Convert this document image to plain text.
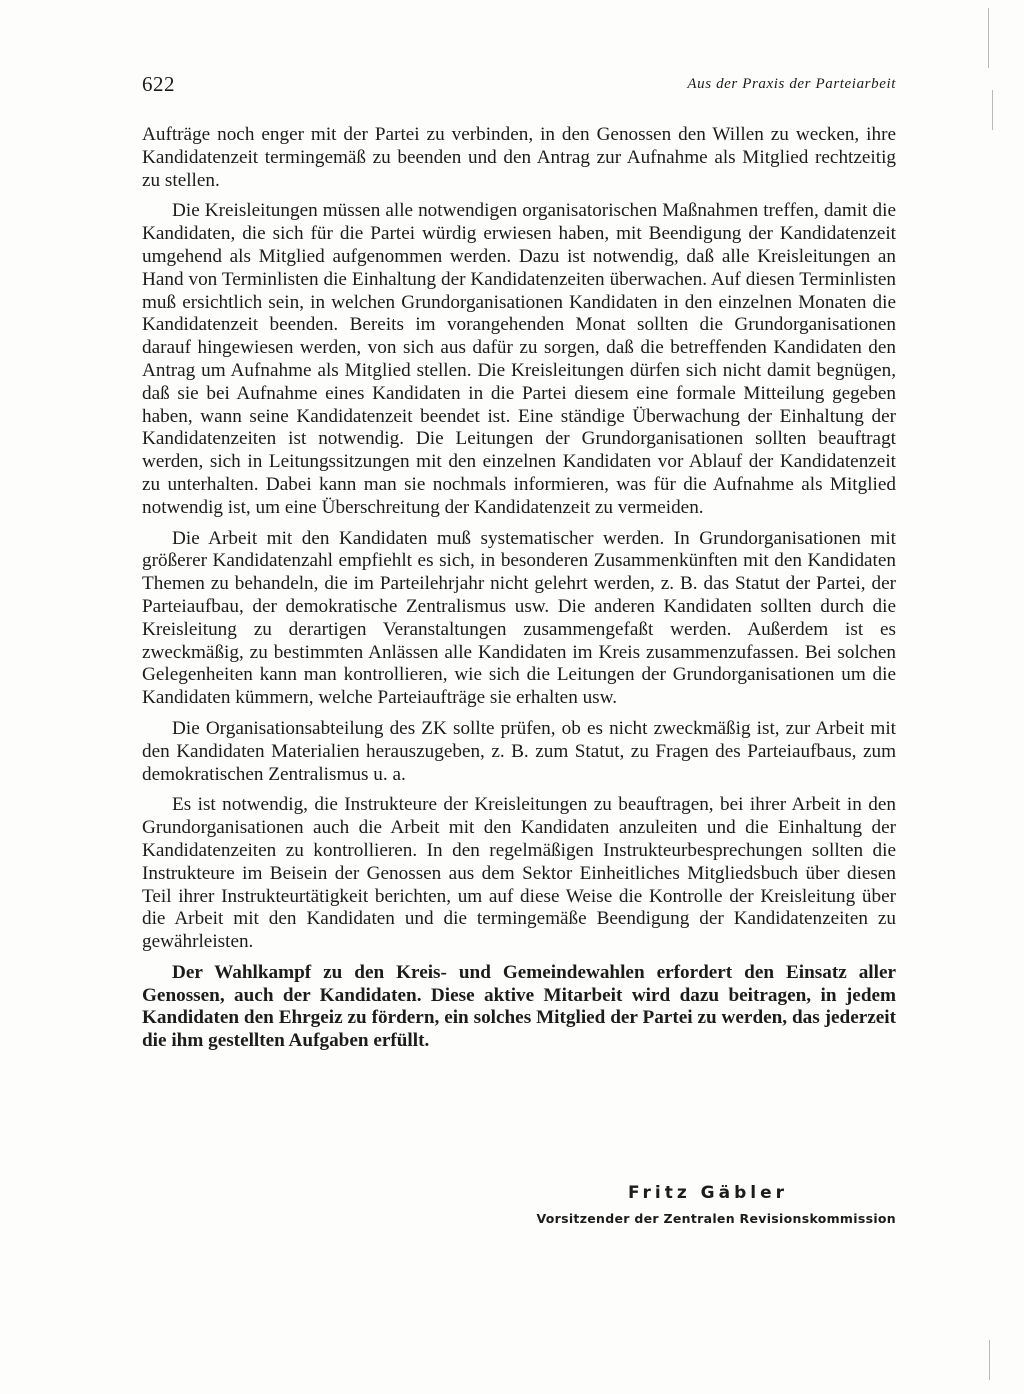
622	Aus der Praxis der Parteiarbeit

Aufträge noch enger mit der Partei zu verbinden, in den Genossen den Willen zu wecken, ihre Kandidatenzeit termingemäß zu beenden und den Antrag zur Aufnahme als Mitglied rechtzeitig zu stellen.

Die Kreisleitungen müssen alle notwendigen organisatorischen Maßnahmen treffen, damit die Kandidaten, die sich für die Partei würdig erwiesen haben, mit Beendigung der Kandidatenzeit umgehend als Mitglied aufgenommen werden. Dazu ist notwendig, daß alle Kreisleitungen an Hand von Terminlisten die Einhaltung der Kandidatenzeiten überwachen. Auf diesen Terminlisten muß ersichtlich sein, in welchen Grundorganisationen Kandidaten in den einzelnen Monaten die Kandidatenzeit beenden. Bereits im vorangehenden Monat sollten die Grundorganisationen darauf hingewiesen werden, von sich aus dafür zu sorgen, daß die betreffenden Kandidaten den Antrag um Aufnahme als Mitglied stellen. Die Kreisleitungen dürfen sich nicht damit begnügen, daß sie bei Aufnahme eines Kandidaten in die Partei diesem eine formale Mitteilung gegeben haben, wann seine Kandidatenzeit beendet ist. Eine ständige Überwachung der Einhaltung der Kandidatenzeiten ist notwendig. Die Leitungen der Grundorganisationen sollten beauftragt werden, sich in Leitungssitzungen mit den einzelnen Kandidaten vor Ablauf der Kandidatenzeit zu unterhalten. Dabei kann man sie nochmals informieren, was für die Aufnahme als Mitglied notwendig ist, um eine Überschreitung der Kandidatenzeit zu vermeiden.

Die Arbeit mit den Kandidaten muß systematischer werden. In Grundorganisationen mit größerer Kandidatenzahl empfiehlt es sich, in besonderen Zusammenkünften mit den Kandidaten Themen zu behandeln, die im Parteilehrjahr nicht gelehrt werden, z. B. das Statut der Partei, der Parteiaufbau, der demokratische Zentralismus usw. Die anderen Kandidaten sollten durch die Kreisleitung zu derartigen Veranstaltungen zusammengefaßt werden. Außerdem ist es zweckmäßig, zu bestimmten Anlässen alle Kandidaten im Kreis zusammenzufassen. Bei solchen Gelegenheiten kann man kontrollieren, wie sich die Leitungen der Grundorganisationen um die Kandidaten kümmern, welche Parteiaufträge sie erhalten usw.

Die Organisationsabteilung des ZK sollte prüfen, ob es nicht zweckmäßig ist, zur Arbeit mit den Kandidaten Materialien herauszugeben, z. B. zum Statut, zu Fragen des Parteiaufbaus, zum demokratischen Zentralismus u. a.

Es ist notwendig, die Instrukteure der Kreisleitungen zu beauftragen, bei ihrer Arbeit in den Grundorganisationen auch die Arbeit mit den Kandidaten anzuleiten und die Einhaltung der Kandidatenzeiten zu kontrollieren. In den regelmäßigen Instrukteurbesprechungen sollten die Instrukteure im Beisein der Genossen aus dem Sektor Einheitliches Mitgliedsbuch über diesen Teil ihrer Instrukteurtätigkeit berichten, um auf diese Weise die Kontrolle der Kreisleitung über die Arbeit mit den Kandidaten und die termingemäße Beendigung der Kandidatenzeiten zu gewährleisten.

Der Wahlkampf zu den Kreis- und Gemeindewahlen erfordert den Einsatz aller Genossen, auch der Kandidaten. Diese aktive Mitarbeit wird dazu beitragen, in jedem Kandidaten den Ehrgeiz zu fördern, ein solches Mitglied der Partei zu werden, das jederzeit die ihm gestellten Aufgaben erfüllt.

Fritz Gäbler

Vorsitzender der Zentralen Revisionskommission
